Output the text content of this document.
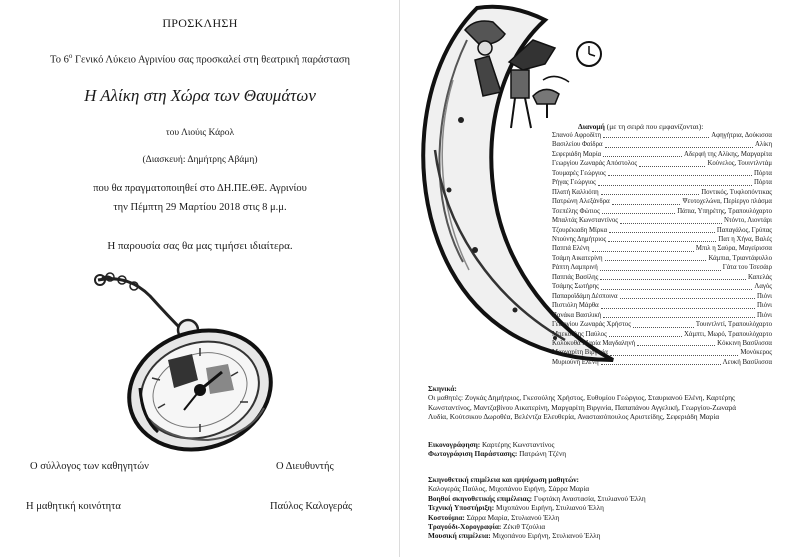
ΠΡΟΣΚΛΗΣΗ
Το $6^o$ Γενικό Λύκειο Αγρινίου σας προσκαλεί στη θεατρική παράσταση
Η Αλίκη στη Χώρα των Θαυμάτων
του Λιούις Κάρολ
(Διασκευή: Δημήτρης Αβάμη)
που θα πραγματοποιηθεί στο ΔΗ.ΠΕ.ΘΕ. Αγρινίου
την Πέμπτη 29 Μαρτίου 2018 στις 8 μ.μ.
Η παρουσία σας θα μας τιμήσει ιδιαίτερα.
Ο σύλλογος των καθηγητών
Η μαθητική κοινότητα
Ο Διευθυντής
Παύλος Καλογεράς
Διανομή (με τη σειρά που εμφανίζονται):
Σπανού Αφροδίτη	Αφηγήτρια, Δούκισσα
Βασιλείου Φαίδρα	Αλίκη
Σεφεριάδη Μαρία	Αδερφή της Αλίκης, Μαργαρίτα
Γεωργίου Ζωναράς Απόστολος	Κούνελος, Τουιντλντάμ
Τουμαρές Γεώργιος	Πόρτα
Ρήγας Γεώργιος	Πόρτα
Πλατή Καλλιόπη	Ποντικός, Τυφλοπόντικας
Πατρώνη Αλεξάνδρα	Ψευτοχελώνα, Περίεργο πλάσμα
Τσεπέλης Φώτιος	Πάπια, Υπηρέτης, Τραπουλόχαρτο
Μπαλτάς Κωνσταντίνος	Ντόντο, Λιοντάρι
Τζουρέκιαδη Μίρκα	Παπαγάλος, Γρύπας
Ντούνης Δημήτριος	Πατ η Χήνα, Βαλές
Παππά Ελένη	Μπιλ η Σαύρα, Μαγείρισσα
Τσάμη Αικατερίνη	Κάμπια, Τριαντάφυλλο
Ράπτη Λαμπρινή	Γάτα του Τσεσάιρ
Παππάς Βασίλης	Καπελάς
Τσάμης Σωτήρης	Λαγός
Παπαροϊδάμη Δέσποινα	Πιόνι
Πιστιόλη Μάρθα	Πιόνι
Πανάκα Βασιλική	Πιόνι
Γεωργίου Ζωναράς Χρήστος	Τουιντλντί, Τραπουλόχαρτο
Μπεκούλης Παύλος	Χάμπτι, Μωρό, Τραπουλόχαρτο
Κολοκυθά Μαρία Μαγδαληνή	Κόκκινη Βασίλισσα
Μαργαρίτη Βιργινία	Μονόκερος
Μυριούνη Ελένη	Λευκή Βασίλισσα
Σκηνικά:
Οι μαθητές: Ζυγκάς Δημήτριος, Γκεσούλης Χρήστος, Ευθυμίου Γεώργιος, Σταυριανού Ελένη, Καρτέρης
Κωνσταντίνος, Μαντζαβίνου Αικατερίνη, Μαργαρίτη Βιργινία, Παπαπάνου Αγγελική, Γεωργίου-Ζωναρά
Λυδία, Κούτσικου Δωροθέα, Βελέντζα Ελευθερία, Αναστασόπουλος Αριστείδης, Σεφεριάδη Μαρία
Εικονογράφηση: Καρτέρης Κωνσταντίνος
Φωτογράφιση Παράστασης: Πατρώνη Τζένη
Σκηνοθετική επιμέλεια και εμψύχωση μαθητών:
Καλογεράς Παύλος, Μιχοπάνου Ειρήνη, Σάρρα Μαρία
Βοηθοί σκηνοθετικής επιμέλειας: Γυφτάκη Αναστασία, Στυλιανού Έλλη
Τεχνική Υποστήριξη: Μιχοπάνου Ειρήνη, Στυλιανού Έλλη
Κοστούμια: Σάρρα Μαρία, Στυλιανού Έλλη
Τραγούδι-Χορογραφία: Ζέκιθ Τζούλια
Μουσική επιμέλεια: Μιχοπάνου Ειρήνη, Στυλιανού Έλλη
